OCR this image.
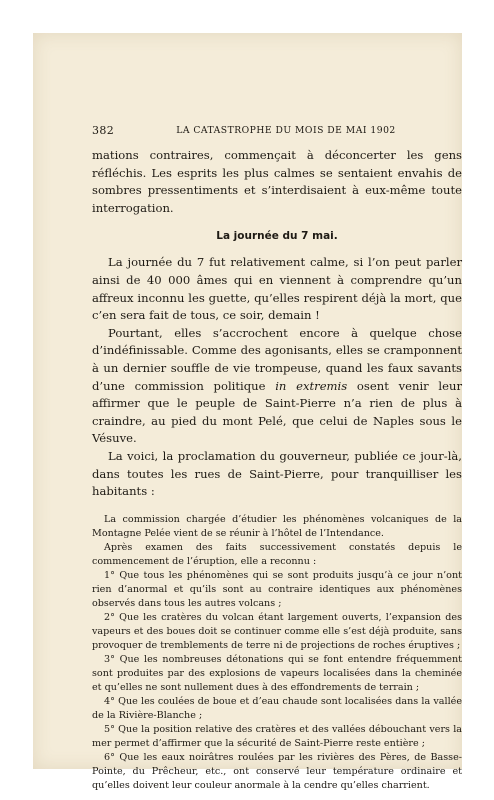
382	LA CATASTROPHE DU MOIS DE MAI 1902

mations contraires, commençait à déconcerter les gens réfléchis. Les esprits les plus calmes se sentaient envahis de sombres pressentiments et s’interdisaient à eux-même toute interrogation.

La journée du 7 mai.

La journée du 7 fut relativement calme, si l’on peut parler ainsi de 40 000 âmes qui en viennent à comprendre qu’un affreux inconnu les guette, qu’elles respirent déjà la mort, que c’en sera fait de tous, ce soir, demain !

Pourtant, elles s’accrochent encore à quelque chose d’indéfinissable. Comme des agonisants, elles se cramponnent à un dernier souffle de vie trompeuse, quand les faux savants d’une commission politique in extremis osent venir leur affirmer que le peuple de Saint-Pierre n’a rien de plus à craindre, au pied du mont Pelé, que celui de Naples sous le Vésuve.

La voici, la proclamation du gouverneur, publiée ce jour-là, dans toutes les rues de Saint-Pierre, pour tranquilliser les habitants :

La commission chargée d’étudier les phénomènes volcaniques de la Montagne Pelée vient de se réunir à l’hôtel de l’Intendance.

Après examen des faits successivement constatés depuis le commencement de l’éruption, elle a reconnu :

1° Que tous les phénomènes qui se sont produits jusqu’à ce jour n’ont rien d’anormal et qu’ils sont au contraire identiques aux phénomènes observés dans tous les autres volcans ;

2° Que les cratères du volcan étant largement ouverts, l’expansion des vapeurs et des boues doit se continuer comme elle s’est déjà produite, sans provoquer de tremblements de terre ni de projections de roches éruptives ;

3° Que les nombreuses détonations qui se font entendre fréquemment sont produites par des explosions de vapeurs localisées dans la cheminée et qu’elles ne sont nullement dues à des effondrements de terrain ;

4° Que les coulées de boue et d’eau chaude sont localisées dans la vallée de la Rivière-Blanche ;

5° Que la position relative des cratères et des vallées débouchant vers la mer permet d’affirmer que la sécurité de Saint-Pierre reste entière ;

6° Que les eaux noirâtres roulées par les rivières des Pères, de Basse-Pointe, du Prêcheur, etc., ont conservé leur température ordinaire et qu’elles doivent leur couleur anormale à la cendre qu’elles charrient.
